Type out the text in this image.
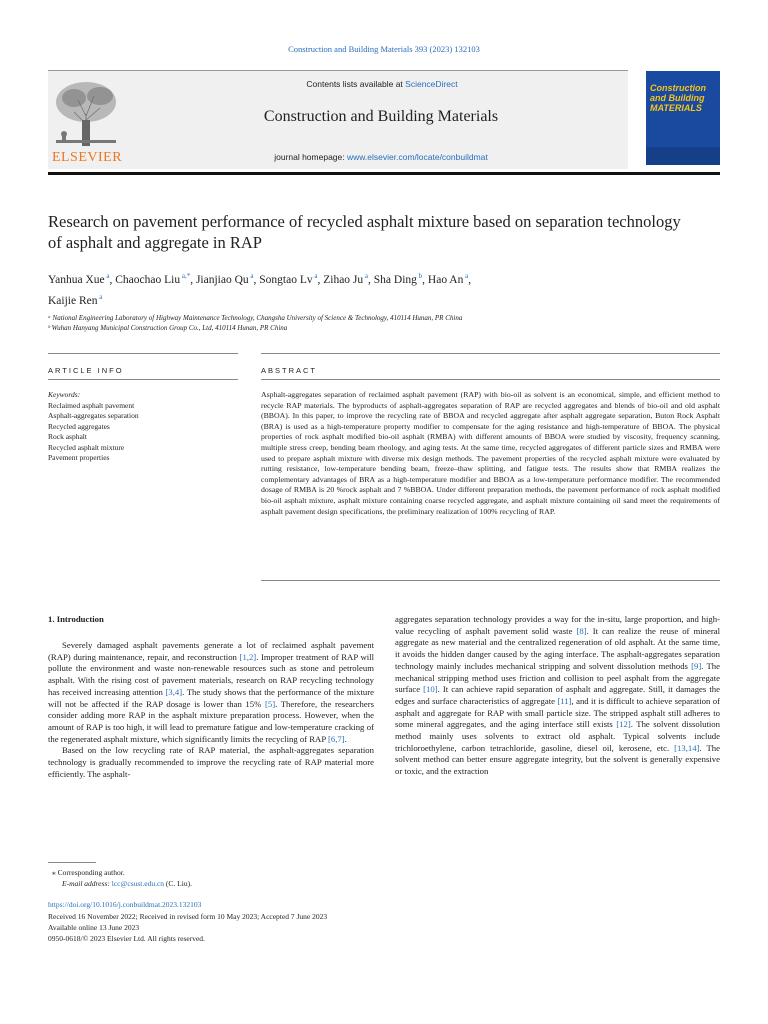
Construction and Building Materials 393 (2023) 132103
ELSEVIER
Contents lists available at ScienceDirect
Construction and Building Materials
journal homepage: www.elsevier.com/locate/conbuildmat
Construction and Building MATERIALS
Research on pavement performance of recycled asphalt mixture based on separation technology of asphalt and aggregate in RAP
Yanhua Xue $^a$, Chaochao Liu $^{a,*}$, Jianjiao Qu $^a$, Songtao Lv $^a$, Zihao Ju $^a$, Sha Ding $^b$, Hao An $^a$,
Kaijie Ren $^a$
ᵃ National Engineering Laboratory of Highway Maintenance Technology, Changsha University of Science & Technology, 410114 Hunan, PR China
ᵇ Wuhan Hanyang Municipal Construction Group Co., Ltd, 410114 Hunan, PR China
ARTICLE INFO	ABSTRACT
Keywords:
Reclaimed asphalt pavement
Asphalt-aggregates separation
Recycled aggregates
Rock asphalt
Recycled asphalt mixture
Pavement properties
Asphalt-aggregates separation of reclaimed asphalt pavement (RAP) with bio-oil as solvent is an economical, simple, and efficient method to recycle RAP materials. The byproducts of asphalt-aggregates separation of RAP are recycled aggregates and blends of bio-oil and old asphalt (BBOA). In this paper, to improve the recycling rate of BBOA and recycled aggregate after asphalt aggregate separation, Buton Rock Asphalt (BRA) is used as a high-temperature property modifier to compensate for the aging resistance and high-temperature of BBOA. The physical properties of rock asphalt modified bio-oil asphalt (RMBA) with different amounts of BBOA were studied by viscosity, frequency scanning, multiple stress creep, bending beam rheology, and aging tests. At the same time, recycled aggregates of different particle sizes and RMBA were used to prepare asphalt mixture with diverse mix design methods. The pavement properties of the recycled asphalt mixture were evaluated by rutting resistance, low-temperature bending beam, freeze–thaw splitting, and fatigue tests. The results show that RMBA realizes the complementary advantages of BRA as a high-temperature modifier and BBOA as a low-temperature performance modifier. The recommended dosage of RMBA is 20 %rock asphalt and 7 %BBOA. Under different preparation methods, the pavement performance of rock asphalt modified bio-oil asphalt mixture, asphalt mixture containing coarse recycled aggregate, and asphalt mixture containing oil sand meet the requirements of asphalt pavement design specifications, the preliminary realization of 100% recycling of RAP.
1. Introduction

Severely damaged asphalt pavements generate a lot of reclaimed asphalt pavement (RAP) during maintenance, repair, and reconstruction [1,2]. Improper treatment of RAP will pollute the environment and waste non-renewable resources such as stone and petroleum asphalt. With the rising cost of pavement materials, research on RAP recycling technology has received increasing attention [3,4]. The study shows that the performance of the mixture will not be affected if the RAP dosage is lower than 15% [5]. Therefore, the researchers consider adding more RAP in the asphalt mixture preparation process. However, when the amount of RAP is too high, it will lead to premature fatigue and low-temperature cracking of the regenerated asphalt mixture, which significantly limits the recycling of RAP [6,7].

Based on the low recycling rate of RAP material, the asphalt-aggregates separation technology is gradually recommended to improve the recycling rate of RAP material more efficiently. The asphalt-

aggregates separation technology provides a way for the in-situ, large proportion, and high-value recycling of asphalt pavement solid waste [8]. It can realize the reuse of mineral aggregate as new material and the centralized regeneration of old asphalt. At the same time, it avoids the hidden danger caused by the aging interface. The asphalt-aggregates separation technology mainly includes mechanical stripping and solvent dissolution methods [9]. The mechanical stripping method uses friction and collision to peel asphalt from the aggregate surface [10]. It can achieve rapid separation of asphalt and aggregate. Still, it damages the edges and surface characteristics of aggregate [11], and it is difficult to achieve separation of asphalt and aggregate for RAP with small particle size. The stripped asphalt still adheres to some mineral aggregates, and the aging interface still exists [12]. The solvent dissolution method mainly uses solvents to extract old asphalt. Typical solvents include trichloroethylene, carbon tetrachloride, gasoline, diesel oil, kerosene, etc. [13,14]. The solvent method can better ensure aggregate integrity, but the solvent is generally expensive or toxic, and the extraction

⁎ Corresponding author.
E-mail address: lcc@csust.edu.cn (C. Liu).
https://doi.org/10.1016/j.conbuildmat.2023.132103
Received 16 November 2022; Received in revised form 10 May 2023; Accepted 7 June 2023
Available online 13 June 2023
0950-0618/© 2023 Elsevier Ltd. All rights reserved.
